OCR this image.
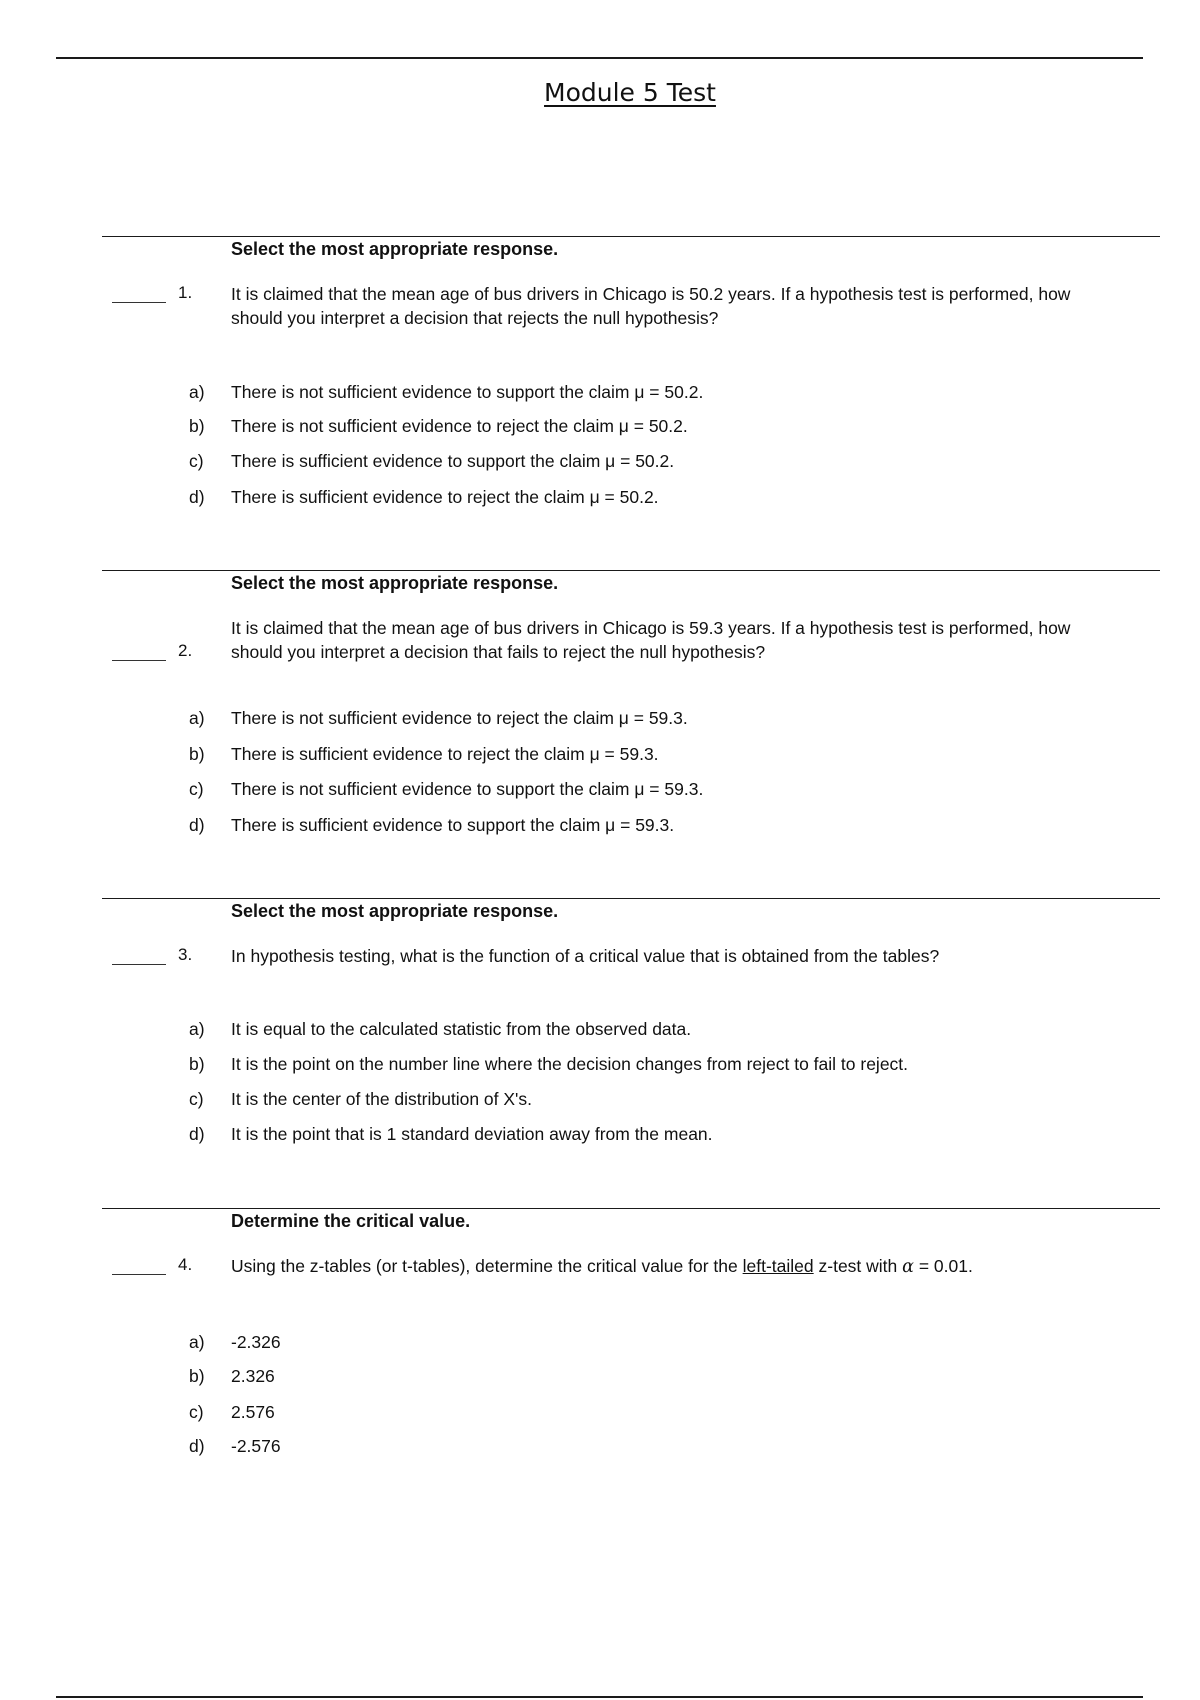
Module 5 Test
Select the most appropriate response.
1. It is claimed that the mean age of bus drivers in Chicago is 50.2 years. If a hypothesis test is performed, how should you interpret a decision that rejects the null hypothesis?
a) There is not sufficient evidence to support the claim μ = 50.2.
b) There is not sufficient evidence to reject the claim μ = 50.2.
c) There is sufficient evidence to support the claim μ = 50.2.
d) There is sufficient evidence to reject the claim μ = 50.2.
Select the most appropriate response.
2.
It is claimed that the mean age of bus drivers in Chicago is 59.3 years. If a hypothesis test is performed, how should you interpret a decision that fails to reject the null hypothesis?
a) There is not sufficient evidence to reject the claim μ = 59.3.
b) There is sufficient evidence to reject the claim μ = 59.3.
c) There is not sufficient evidence to support the claim μ = 59.3.
d) There is sufficient evidence to support the claim μ = 59.3.
Select the most appropriate response.
3. In hypothesis testing, what is the function of a critical value that is obtained from the tables?
a) It is equal to the calculated statistic from the observed data.
b) It is the point on the number line where the decision changes from reject to fail to reject.
c) It is the center of the distribution of X's.
d) It is the point that is 1 standard deviation away from the mean.
Determine the critical value.
4. Using the z-tables (or t-tables), determine the critical value for the left-tailed z-test with α = 0.01.
a) -2.326
b) 2.326
c) 2.576
d) -2.576
